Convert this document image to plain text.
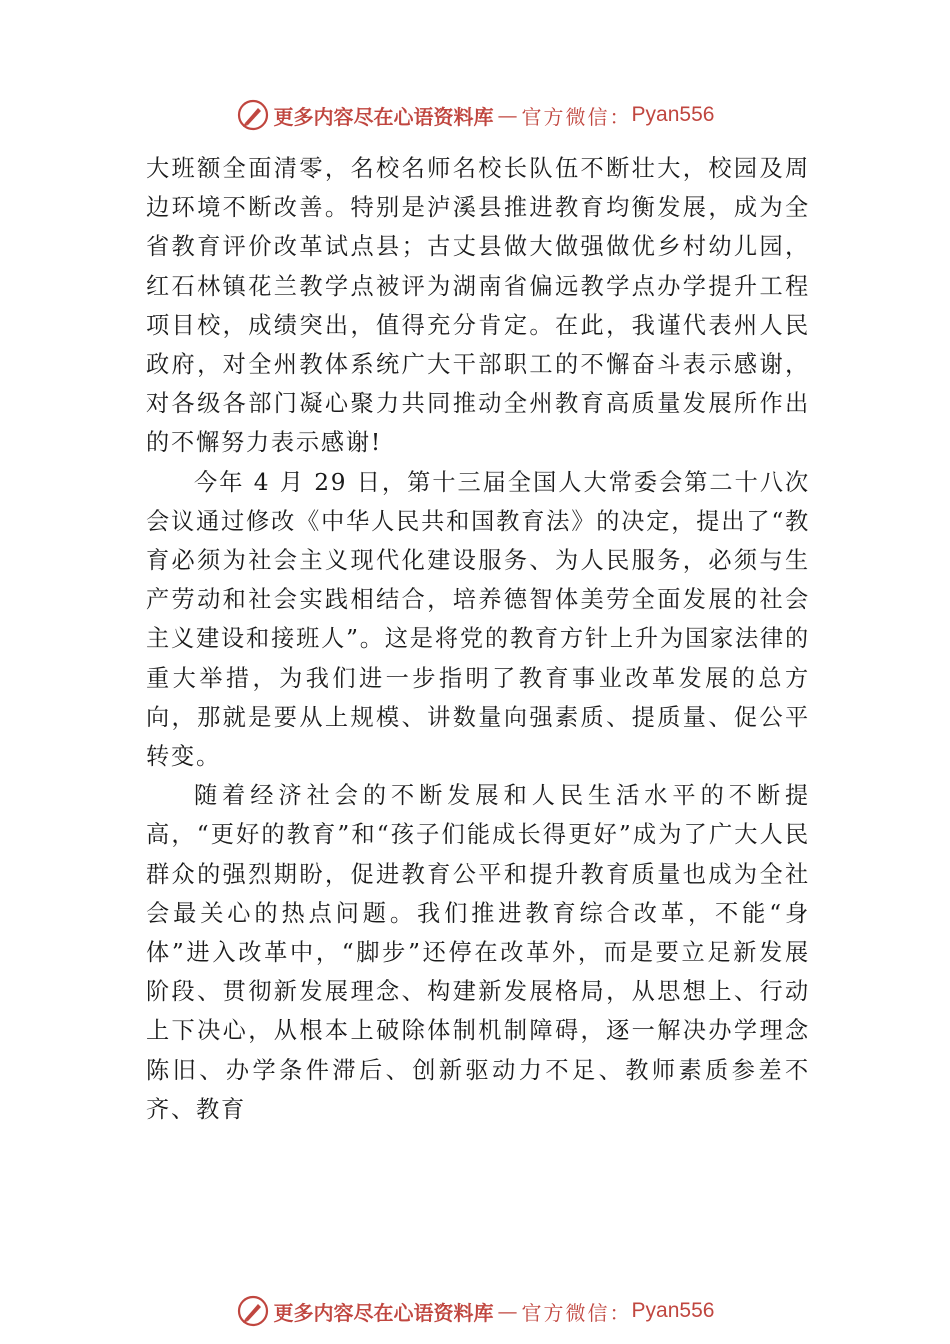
更多内容尽在心语资料库 — 官方微信： Pyan556

大班额全面清零，名校名师名校长队伍不断壮大，校园及周边环境不断改善。特别是泸溪县推进教育均衡发展，成为全省教育评价改革试点县；古丈县做大做强做优乡村幼儿园，红石林镇花兰教学点被评为湖南省偏远教学点办学提升工程项目校，成绩突出，值得充分肯定。在此，我谨代表州人民政府，对全州教体系统广大干部职工的不懈奋斗表示感谢，对各级各部门凝心聚力共同推动全州教育高质量发展所作出的不懈努力表示感谢!

今年 4 月 29 日，第十三届全国人大常委会第二十八次会议通过修改《中华人民共和国教育法》的决定，提出了“教育必须为社会主义现代化建设服务、为人民服务，必须与生产劳动和社会实践相结合，培养德智体美劳全面发展的社会主义建设和接班人”。这是将党的教育方针上升为国家法律的重大举措，为我们进一步指明了教育事业改革发展的总方向，那就是要从上规模、讲数量向强素质、提质量、促公平转变。

随着经济社会的不断发展和人民生活水平的不断提高，“更好的教育”和“孩子们能成长得更好”成为了广大人民群众的强烈期盼，促进教育公平和提升教育质量也成为全社会最关心的热点问题。我们推进教育综合改革，不能“身体”进入改革中，“脚步”还停在改革外，而是要立足新发展阶段、贯彻新发展理念、构建新发展格局，从思想上、行动上下决心，从根本上破除体制机制障碍，逐一解决办学理念陈旧、办学条件滞后、创新驱动力不足、教师素质参差不齐、教育

更多内容尽在心语资料库 — 官方微信： Pyan556
